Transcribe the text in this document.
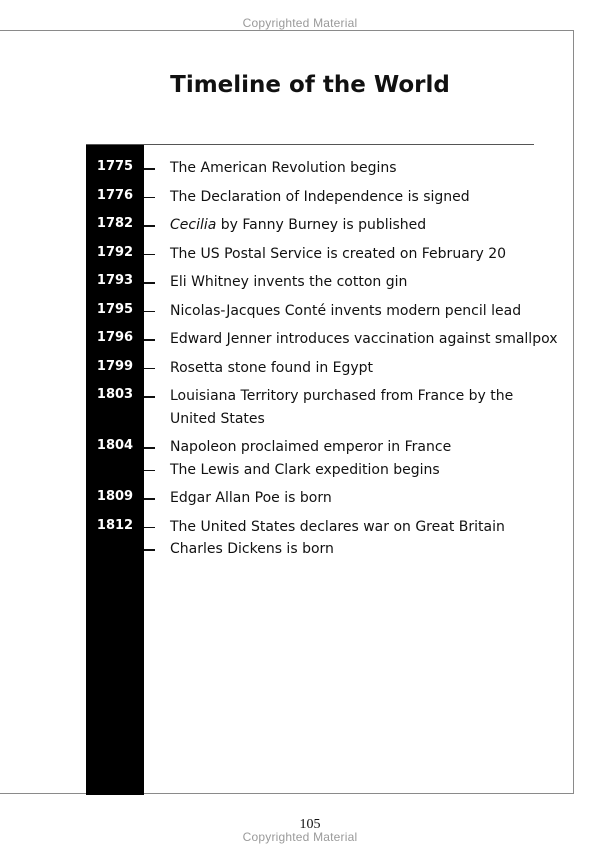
Copyrighted Material
Timeline of the World
1775	The American Revolution begins
1776	The Declaration of Independence is signed
1782	Cecilia by Fanny Burney is published
1792	The US Postal Service is created on February 20
1793	Eli Whitney invents the cotton gin
1795	Nicolas-Jacques Conté invents modern pencil lead
1796	Edward Jenner introduces vaccination against smallpox
1799	Rosetta stone found in Egypt
1803	Louisiana Territory purchased from France by the
United States
1804	Napoleon proclaimed emperor in France
The Lewis and Clark expedition begins
1809	Edgar Allan Poe is born
1812	The United States declares war on Great Britain
Charles Dickens is born
105
Copyrighted Material
